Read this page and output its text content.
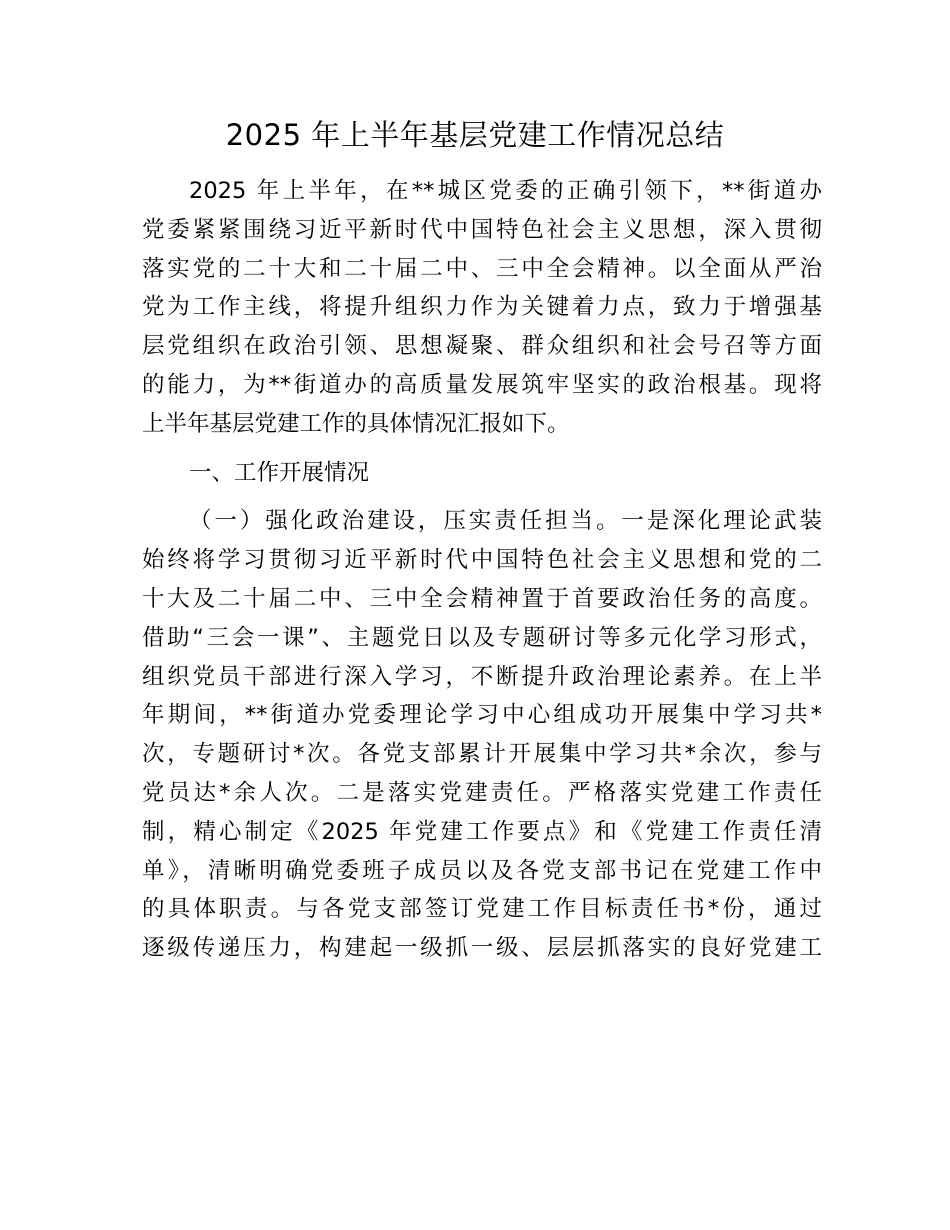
2025 年上半年基层党建工作情况总结
2025 年上半年，在**城区党委的正确引领下，**街道办
党委紧紧围绕习近平新时代中国特色社会主义思想，深入贯彻
落实党的二十大和二十届二中、三中全会精神。以全面从严治
党为工作主线，将提升组织力作为关键着力点，致力于增强基
层党组织在政治引领、思想凝聚、群众组织和社会号召等方面
的能力，为**街道办的高质量发展筑牢坚实的政治根基。现将
上半年基层党建工作的具体情况汇报如下。
一、工作开展情况
（一）强化政治建设，压实责任担当。一是深化理论武装
始终将学习贯彻习近平新时代中国特色社会主义思想和党的二
十大及二十届二中、三中全会精神置于首要政治任务的高度。
借助“三会一课”、主题党日以及专题研讨等多元化学习形式，
组织党员干部进行深入学习，不断提升政治理论素养。在上半
年期间，**街道办党委理论学习中心组成功开展集中学习共*
次，专题研讨*次。各党支部累计开展集中学习共*余次，参与
党员达*余人次。二是落实党建责任。严格落实党建工作责任
制，精心制定《2025 年党建工作要点》和《党建工作责任清
单》，清晰明确党委班子成员以及各党支部书记在党建工作中
的具体职责。与各党支部签订党建工作目标责任书*份，通过
逐级传递压力，构建起一级抓一级、层层抓落实的良好党建工
